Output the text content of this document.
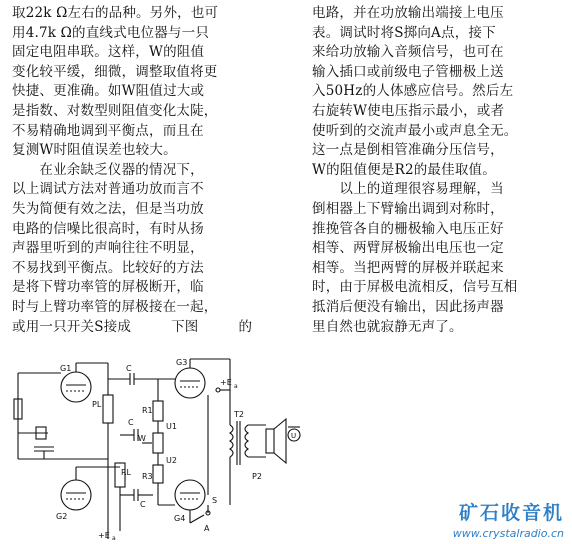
取22k Ω左右的品种。另外，也可
用4.7k Ω的直线式电位器与一只
固定电阻串联。这样，W的阻值
变化较平缓，细微，调整取值将更
快捷、更准确。如W阻值过大或
是指数、对数型则阻值变化太陡，
不易精确地调到平衡点，而且在
复测W时阻值误差也较大。
　　在业余缺乏仪器的情况下，
以上调试方法对普通功放而言不
失为简便有效之法，但是当功放
电路的信噪比很高时，有时从扬
声器里听到的声响往往不明显，
不易找到平衡点。比较好的方法
是将下臂功率管的屏极断开，临
时与上臂功率管的屏极接在一起，
或用一只开关S接成	下图	的
电路，并在功放输出端接上电压
表。调试时将S掷向A点，接下
来给功放输入音频信号，也可在
输入插口或前级电子管栅极上送
入50Hz的人体感应信号。然后左
右旋转W使电压指示最小，或者
使听到的交流声最小或声息全无。
这一点是倒相管准确分压信号，
W的阻值便是R2的最佳取值。
　　以上的道理很容易理解，当
倒相器上下臂输出调到对称时，
推挽管各自的栅极输入电压正好
相等、两臂屏极输出电压也一定
相等。当把两臂的屏极并联起来
时，由于屏极电流相反，信号互相
抵消后便没有输出，因此扬声器
里自然也就寂静无声了。
G1
G2
G3
G4
PL
RL
C
C
C
R1
R3
W
U1
U2
T2
P2
U
S
A
+E a
+E a
矿石收音机
www.crystalradio.cn
